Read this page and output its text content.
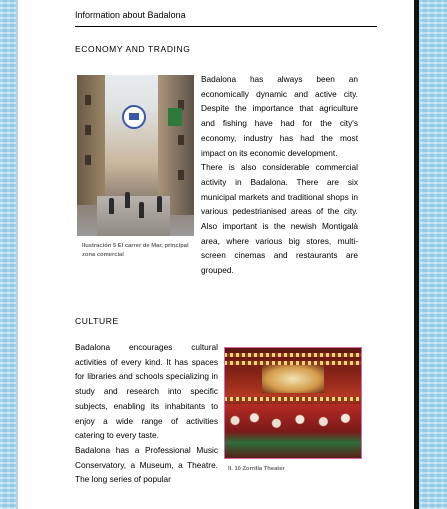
Information about Badalona
ECONOMY AND TRADING
Ilustración 5 El carrer de Mar, principal zona comercial

Badalona has always been an economically dynamic and active city. Despite the importance that agriculture and fishing have had for the city's economy, industry has had the most impact on its economic development.

There is also considerable commercial activity in Badalona. There are six municipal markets and traditional shops in various pedestrianised areas of the city. Also important is the newish Montigalà area, where various big stores, multi-screen cinemas and restaurants are grouped.

CULTURE

Badalona encourages cultural activities of every kind. It has spaces for libraries and schools specializing in study and research into specific subjects, enabling its inhabitants to enjoy a wide range of activities catering to every taste.

Badalona has a Professional Music Conservatory, a Museum, a Theatre. The long series of popular

Il. 10 Zorrilla Theater
